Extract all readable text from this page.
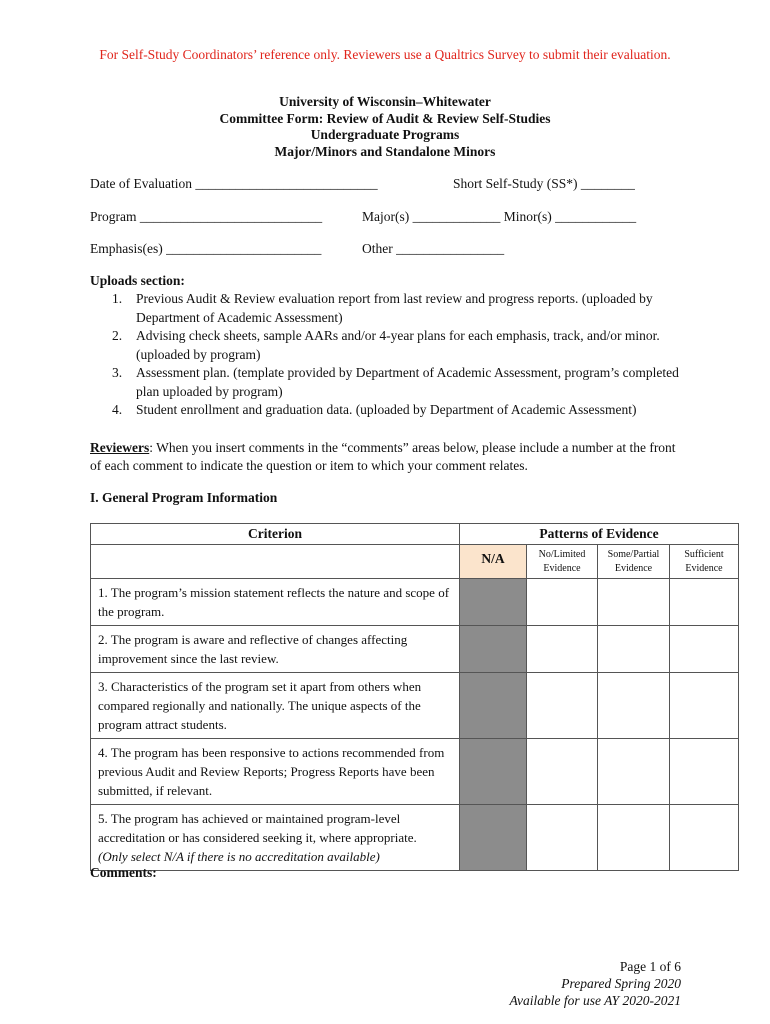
For Self-Study Coordinators’ reference only. Reviewers use a Qualtrics Survey to submit their evaluation.
University of Wisconsin–Whitewater
Committee Form: Review of Audit & Review Self-Studies
Undergraduate Programs
Major/Minors and Standalone Minors
Date of Evaluation ___________________________	Short Self-Study (SS*) ________
Program ___________________________	Major(s) _____________ Minor(s) ____________
Emphasis(es) _______________________	Other ________________
Uploads section:
1. Previous Audit & Review evaluation report from last review and progress reports. (uploaded by Department of Academic Assessment)
2. Advising check sheets, sample AARs and/or 4-year plans for each emphasis, track, and/or minor. (uploaded by program)
3. Assessment plan. (template provided by Department of Academic Assessment, program’s completed plan uploaded by program)
4. Student enrollment and graduation data. (uploaded by Department of Academic Assessment)
Reviewers: When you insert comments in the “comments” areas below, please include a number at the front of each comment to indicate the question or item to which your comment relates.
I. General Program Information
Criterion	Patterns of Evidence			
	N/A	No/Limited Evidence	Some/Partial Evidence	Sufficient Evidence
1. The program’s mission statement reflects the nature and scope of the program.				
2. The program is aware and reflective of changes affecting improvement since the last review.				
3. Characteristics of the program set it apart from others when compared regionally and nationally. The unique aspects of the program attract students.				
4. The program has been responsive to actions recommended from previous Audit and Review Reports; Progress Reports have been submitted, if relevant.				
5. The program has achieved or maintained program-level accreditation or has considered seeking it, where appropriate.
(Only select N/A if there is no accreditation available)				
Comments:
Page 1 of 6
Prepared Spring 2020
Available for use AY 2020-2021
